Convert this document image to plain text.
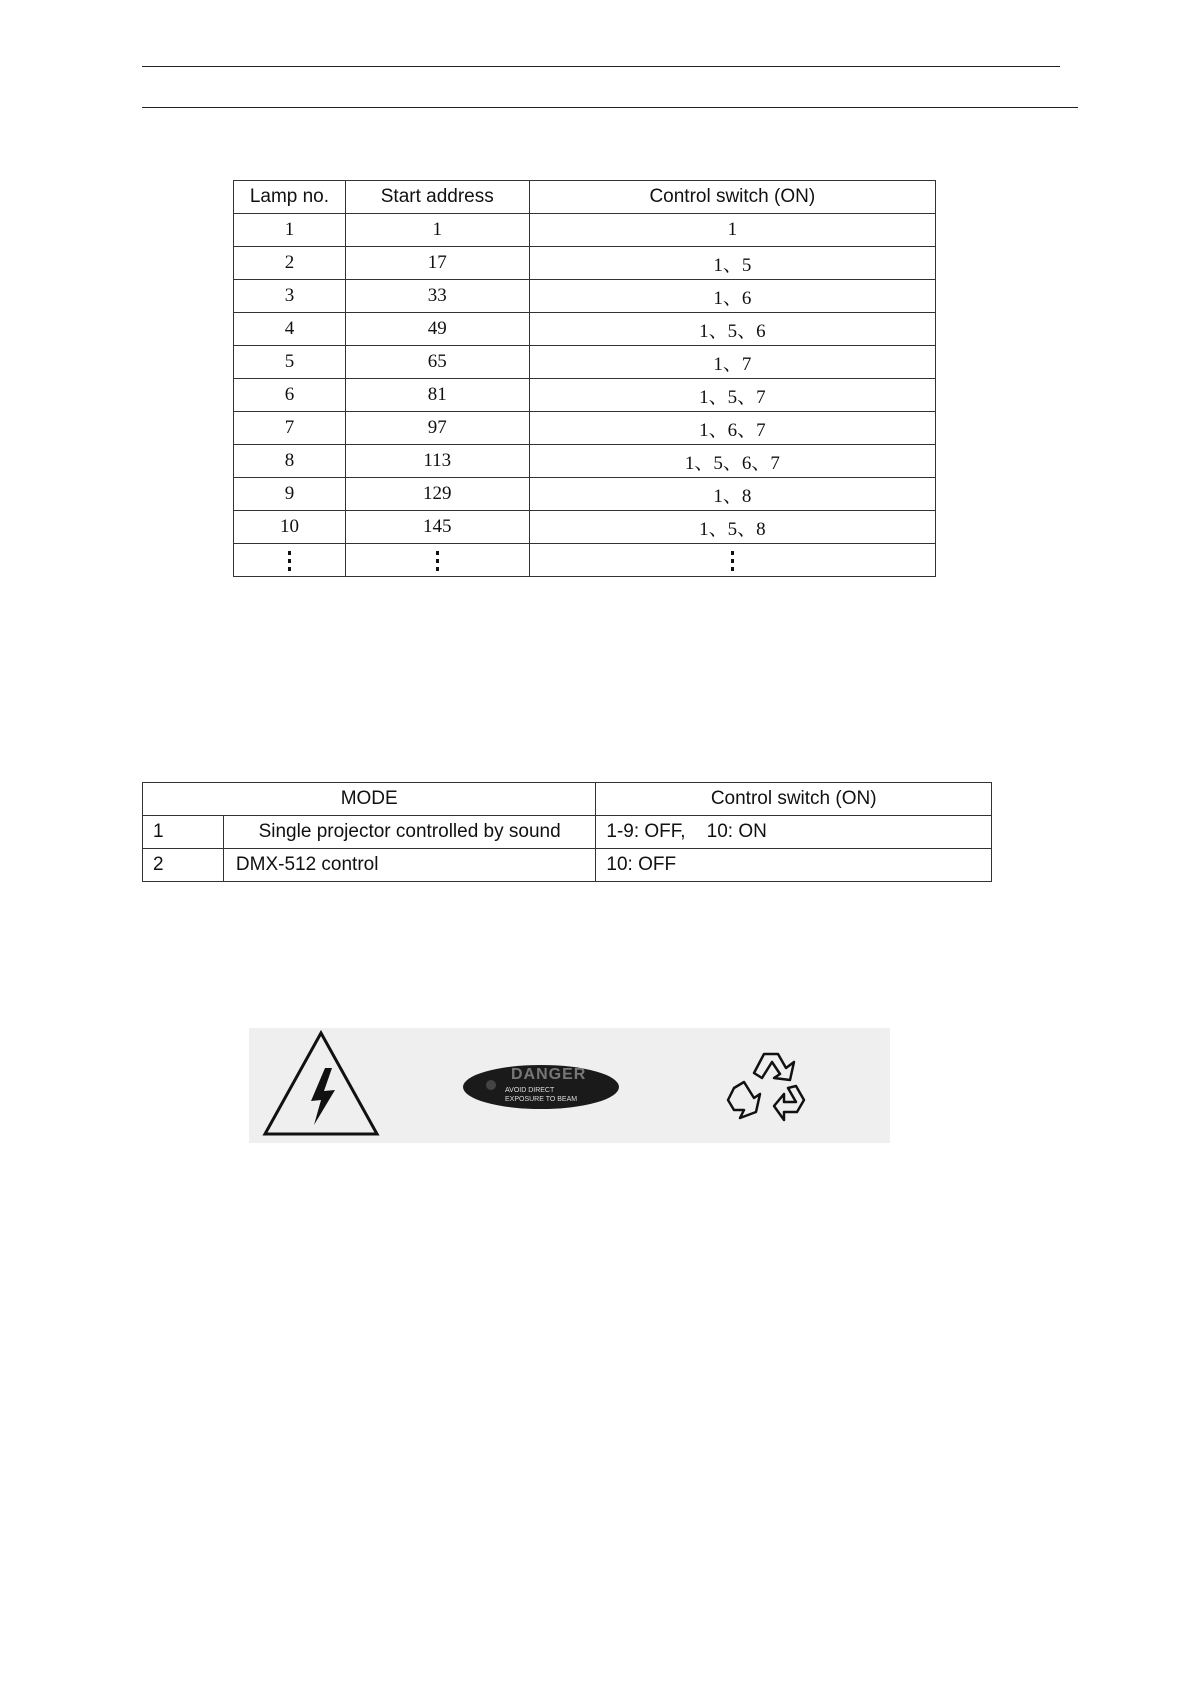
Lamp no.	Start address	Control switch (ON)
1	1	1
2	17	1、5
3	33	1、6
4	49	1、5、6
5	65	1、7
6	81	1、5、7
7	97	1、6、7
8	113	1、5、6、7
9	129	1、8
10	145	1、5、8

MODE		Control switch (ON)
1	Single projector controlled by sound	1-9: OFF,    10: ON
2	DMX-512 control	10: OFF
DANGER
AVOID DIRECT
EXPOSURE TO BEAM
